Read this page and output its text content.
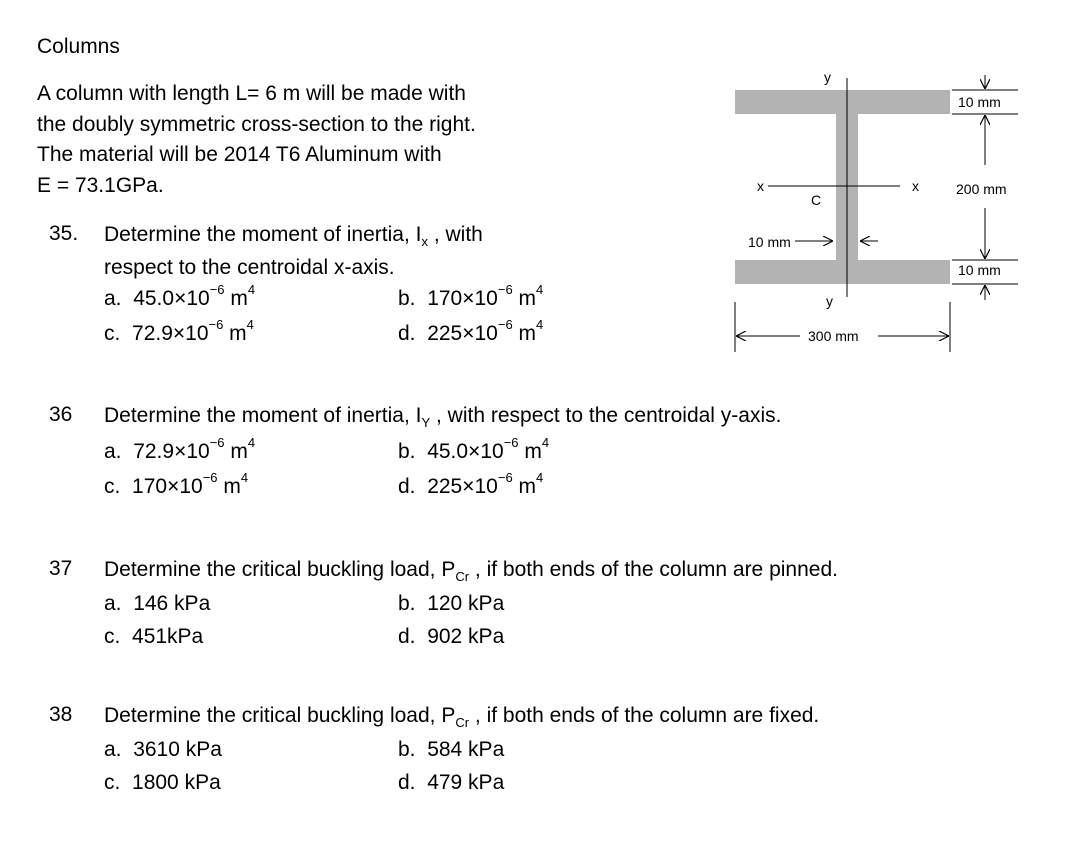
Columns
A column with length L= 6 m will be made with
the doubly symmetric cross-section to the right.
The material will be 2014 T6 Aluminum with
E = 73.1GPa.
y
y
x	x
C
10 mm
300 mm
10 mm
200 mm
10 mm
35. Determine the moment of inertia, $I_x$ , with
respect to the centroidal x-axis.
a. $45.0\times 10^{-6}$ $m^4$	b. $170\times 10^{-6}$ $m^4$
c. $72.9\times 10^{-6}$ $m^4$	d. $225\times 10^{-6}$ $m^4$
36 Determine the moment of inertia, $I_Y$ , with respect to the centroidal y-axis.
a. $72.9\times 10^{-6}$ $m^4$	b. $45.0\times 10^{-6}$ $m^4$
c. $170\times 10^{-6}$ $m^4$	d. $225\times 10^{-6}$ $m^4$
37 Determine the critical buckling load, $P_{Cr}$ , if both ends of the column are pinned.
a. 146 kPa	b. 120 kPa
c. 451kPa	d. 902 kPa
38 Determine the critical buckling load, $P_{Cr}$ , if both ends of the column are fixed.
a. 3610 kPa	b. 584 kPa
c. 1800 kPa	d. 479 kPa
